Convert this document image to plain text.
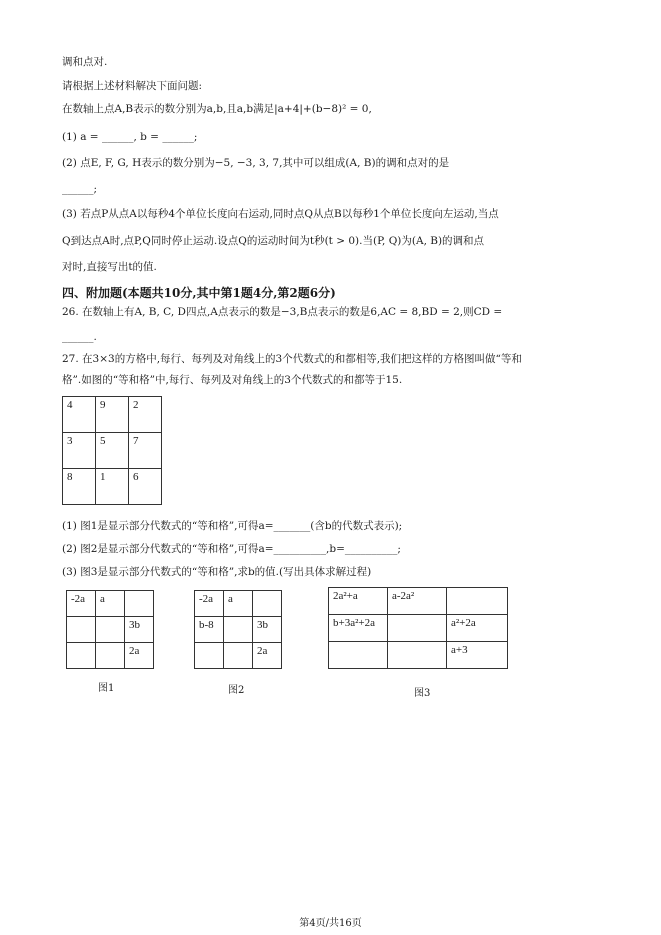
调和点对.
请根据上述材料解决下面问题:
在数轴上点A,B表示的数分别为a,b,且a,b满足|a+4|+(b−8)² = 0,
(1) a = ______, b = ______;
(2) 点E, F, G, H表示的数分别为−5, −3, 3, 7,其中可以组成(A, B)的调和点对的是
______;
(3) 若点P从点A以每秒4个单位长度向右运动,同时点Q从点B以每秒1个单位长度向左运动,当点
Q到达点A时,点P,Q同时停止运动.设点Q的运动时间为t秒(t > 0).当(P, Q)为(A, B)的调和点
对时,直接写出t的值.
四、附加题(本题共10分,其中第1题4分,第2题6分)
26. 在数轴上有A, B, C, D四点,A点表示的数是−3,B点表示的数是6,AC = 8,BD = 2,则CD =
______.
27. 在3×3的方格中,每行、每列及对角线上的3个代数式的和都相等,我们把这样的方格图叫做“等和
格”.如图的“等和格”中,每行、每列及对角线上的3个代数式的和都等于15.
4	9	2
3	5	7
8	1	6
(1) 图1是显示部分代数式的“等和格”,可得a=_______(含b的代数式表示);
(2) 图2是显示部分代数式的“等和格”,可得a=__________,b=__________;
(3) 图3是显示部分代数式的“等和格”,求b的值.(写出具体求解过程)
-2a	a	
		3b
		2a
图1
-2a	a	
b-8		3b
		2a
图2
2a²+a	a-2a²	
b+3a²+2a		a²+2a
		a+3
图3
第4页/共16页
